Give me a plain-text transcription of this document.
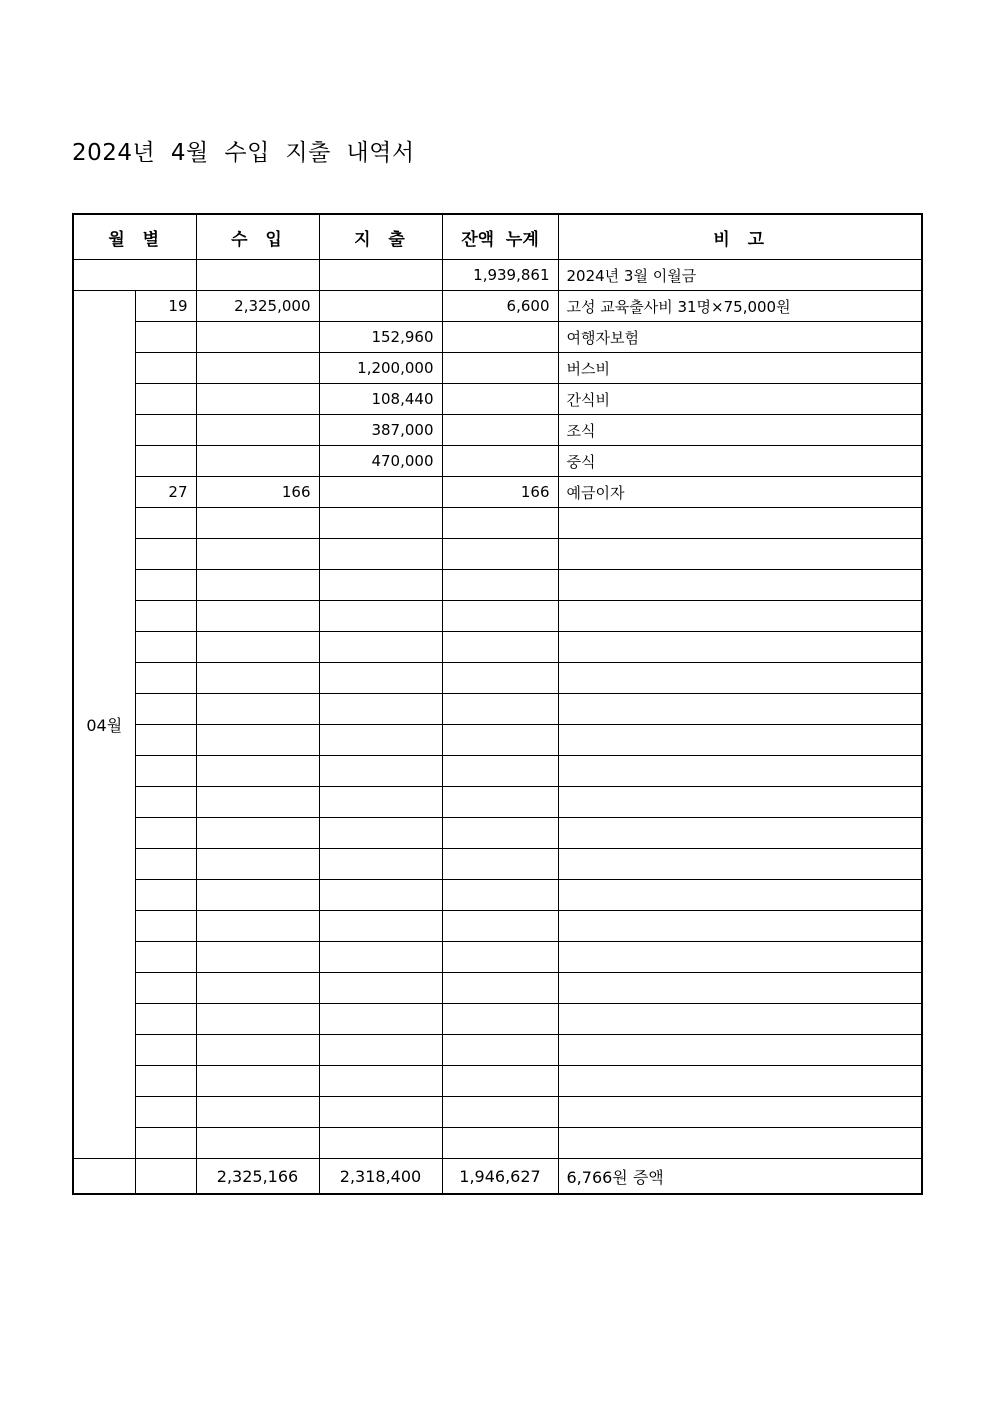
2024년  4월  수입  지출  내역서
월  별		수  입	지  출	잔액  누계	비  고
				1,939,861	2024년 3월 이월금
04월	19	2,325,000		6,600	고성 교육출사비 31명×75,000원
			152,960		여행자보험
			1,200,000		버스비
			108,440		간식비
			387,000		조식
			470,000		중식
	27	166		166	예금이자

		2,325,166	2,318,400	1,946,627	6,766원 증액
